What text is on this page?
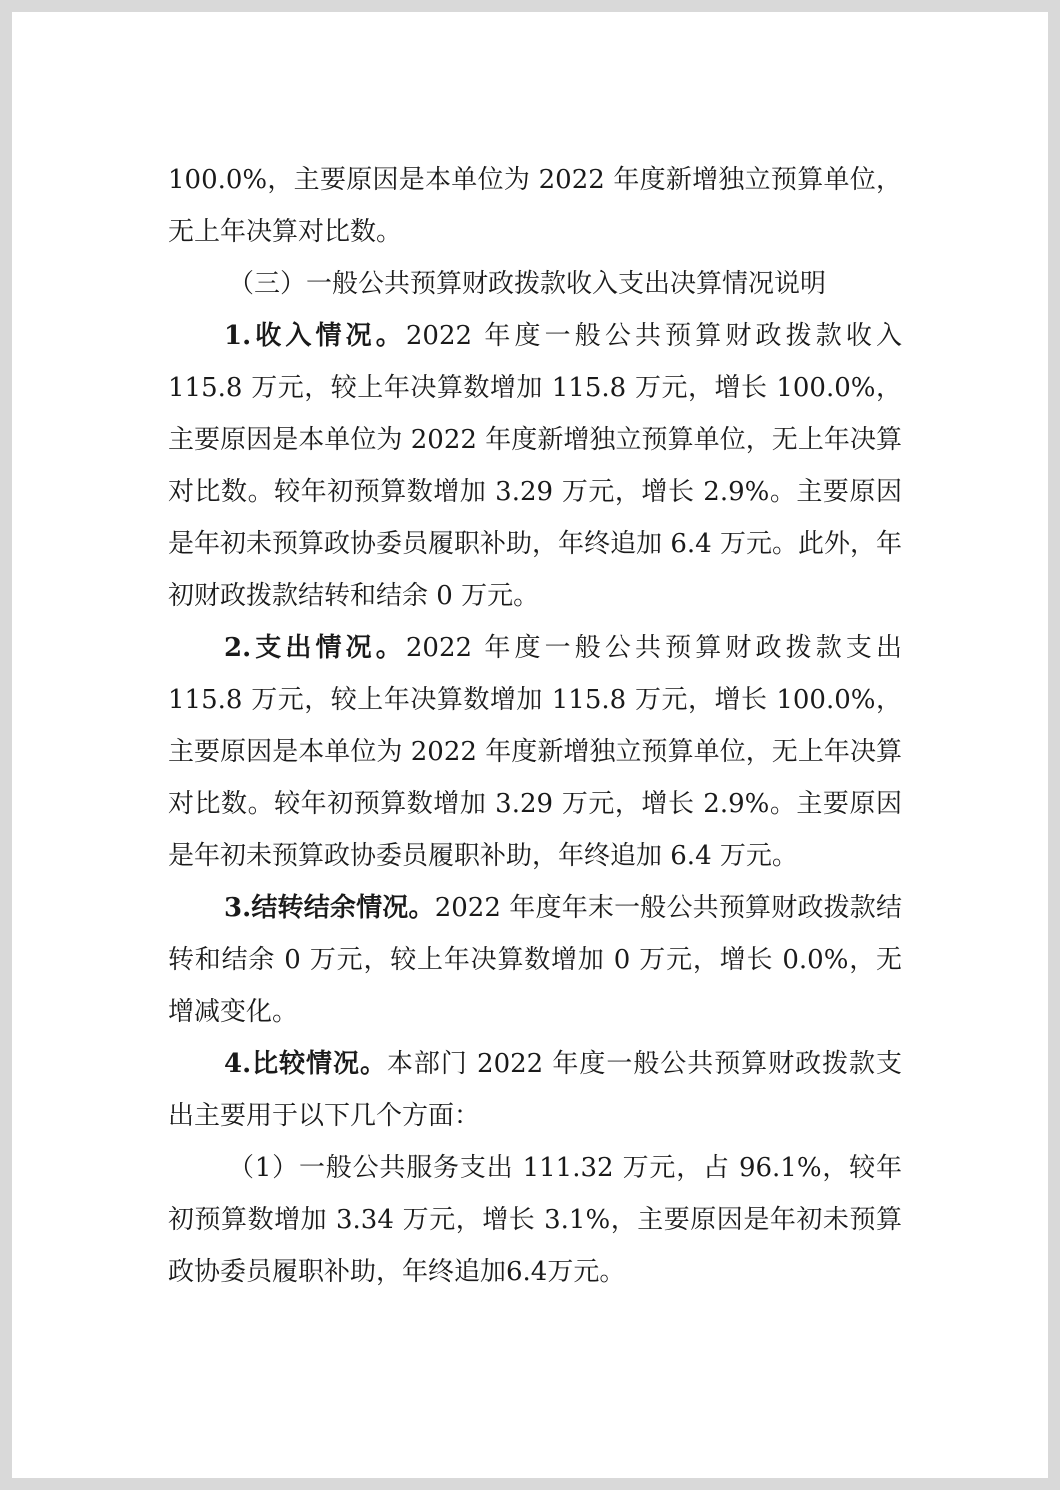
100.0%，主要原因是本单位为 2022 年度新增独立预算单位，无上年决算对比数。

（三）一般公共预算财政拨款收入支出决算情况说明

1.收入情况。2022 年度一般公共预算财政拨款收入 115.8 万元，较上年决算数增加 115.8 万元，增长 100.0%，主要原因是本单位为 2022 年度新增独立预算单位，无上年决算对比数。较年初预算数增加 3.29 万元，增长 2.9%。主要原因是年初未预算政协委员履职补助，年终追加 6.4 万元。此外，年初财政拨款结转和结余 0 万元。

2.支出情况。2022 年度一般公共预算财政拨款支出 115.8 万元，较上年决算数增加 115.8 万元，增长 100.0%，主要原因是本单位为 2022 年度新增独立预算单位，无上年决算对比数。较年初预算数增加 3.29 万元，增长 2.9%。主要原因是年初未预算政协委员履职补助，年终追加 6.4 万元。

3.结转结余情况。2022 年度年末一般公共预算财政拨款结转和结余 0 万元，较上年决算数增加 0 万元，增长 0.0%，无增减变化。

4.比较情况。本部门 2022 年度一般公共预算财政拨款支出主要用于以下几个方面：

（1）一般公共服务支出 111.32 万元，占 96.1%，较年初预算数增加 3.34 万元，增长 3.1%，主要原因是年初未预算政协委员履职补助，年终追加6.4万元。
